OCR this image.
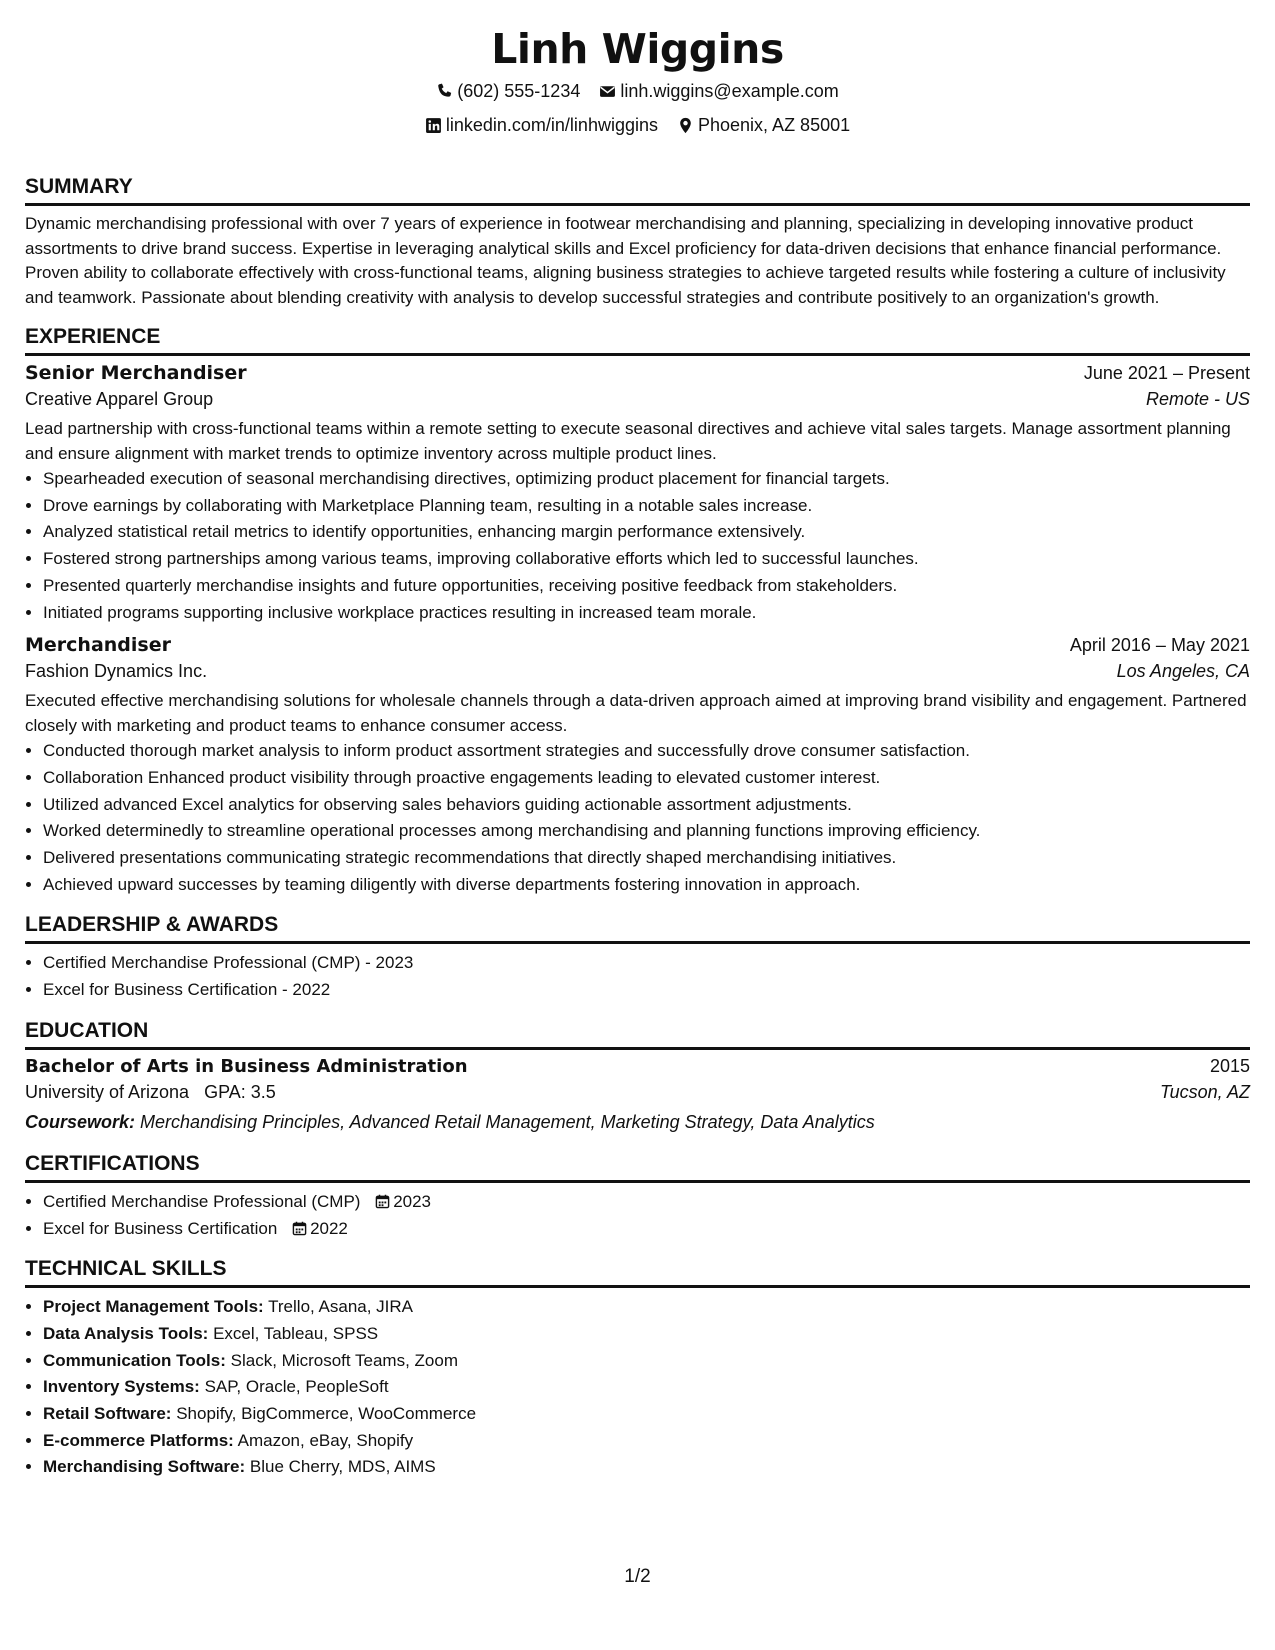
Linh Wiggins
(602) 555-1234
linh.wiggins@example.com
linkedin.com/in/linhwiggins
Phoenix, AZ 85001
SUMMARY

Dynamic merchandising professional with over 7 years of experience in footwear merchandising and planning, specializing in developing innovative product assortments to drive brand success. Expertise in leveraging analytical skills and Excel proficiency for data-driven decisions that enhance financial performance. Proven ability to collaborate effectively with cross-functional teams, aligning business strategies to achieve targeted results while fostering a culture of inclusivity and teamwork. Passionate about blending creativity with analysis to develop successful strategies and contribute positively to an organization's growth.

EXPERIENCE
Senior Merchandiser	June 2021 – Present
Creative Apparel Group	Remote - US

Lead partnership with cross-functional teams within a remote setting to execute seasonal directives and achieve vital sales targets. Manage assortment planning and ensure alignment with market trends to optimize inventory across multiple product lines.

• Spearheaded execution of seasonal merchandising directives, optimizing product placement for financial targets.
• Drove earnings by collaborating with Marketplace Planning team, resulting in a notable sales increase.
• Analyzed statistical retail metrics to identify opportunities, enhancing margin performance extensively.
• Fostered strong partnerships among various teams, improving collaborative efforts which led to successful launches.
• Presented quarterly merchandise insights and future opportunities, receiving positive feedback from stakeholders.
• Initiated programs supporting inclusive workplace practices resulting in increased team morale.
Merchandiser	April 2016 – May 2021
Fashion Dynamics Inc.	Los Angeles, CA

Executed effective merchandising solutions for wholesale channels through a data-driven approach aimed at improving brand visibility and engagement. Partnered closely with marketing and product teams to enhance consumer access.

• Conducted thorough market analysis to inform product assortment strategies and successfully drove consumer satisfaction.
• Collaboration Enhanced product visibility through proactive engagements leading to elevated customer interest.
• Utilized advanced Excel analytics for observing sales behaviors guiding actionable assortment adjustments.
• Worked determinedly to streamline operational processes among merchandising and planning functions improving efficiency.
• Delivered presentations communicating strategic recommendations that directly shaped merchandising initiatives.
• Achieved upward successes by teaming diligently with diverse departments fostering innovation in approach.
LEADERSHIP & AWARDS
• Certified Merchandise Professional (CMP) - 2023
• Excel for Business Certification - 2022
EDUCATION
Bachelor of Arts in Business Administration	2015
University of Arizona GPA: 3.5	Tucson, AZ
Coursework: Merchandising Principles, Advanced Retail Management, Marketing Strategy, Data Analytics
CERTIFICATIONS
• Certified Merchandise Professional (CMP) 2023
• Excel for Business Certification 2022
TECHNICAL SKILLS
• Project Management Tools: Trello, Asana, JIRA
• Data Analysis Tools: Excel, Tableau, SPSS
• Communication Tools: Slack, Microsoft Teams, Zoom
• Inventory Systems: SAP, Oracle, PeopleSoft
• Retail Software: Shopify, BigCommerce, WooCommerce
• E-commerce Platforms: Amazon, eBay, Shopify
• Merchandising Software: Blue Cherry, MDS, AIMS
1/2
